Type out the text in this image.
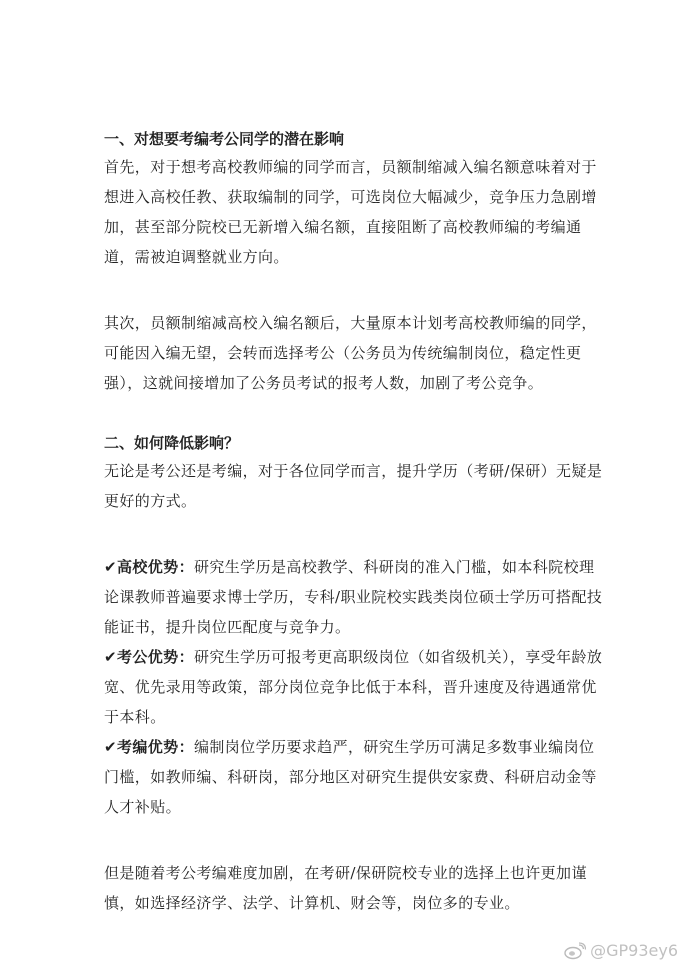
一、对想要考编考公同学的潜在影响

首先，对于想考高校教师编的同学而言，员额制缩减入编名额意味着对于想进入高校任教、获取编制的同学，可选岗位大幅减少，竞争压力急剧增加，甚至部分院校已无新增入编名额，直接阻断了高校教师编的考编通道，需被迫调整就业方向。

其次，员额制缩减高校入编名额后，大量原本计划考高校教师编的同学，可能因入编无望，会转而选择考公（公务员为传统编制岗位，稳定性更强），这就间接增加了公务员考试的报考人数，加剧了考公竞争。

二、如何降低影响？

无论是考公还是考编，对于各位同学而言，提升学历（考研/保研）无疑是更好的方式。

✔高校优势：研究生学历是高校教学、科研岗的准入门槛，如本科院校理论课教师普遍要求博士学历，专科/职业院校实践类岗位硕士学历可搭配技能证书，提升岗位匹配度与竞争力。

✔考公优势：研究生学历可报考更高职级岗位（如省级机关），享受年龄放宽、优先录用等政策，部分岗位竞争比低于本科，晋升速度及待遇通常优于本科。

✔考编优势：编制岗位学历要求趋严，研究生学历可满足多数事业编岗位门槛，如教师编、科研岗，部分地区对研究生提供安家费、科研启动金等人才补贴。

但是随着考公考编难度加剧，在考研/保研院校专业的选择上也许更加谨慎，如选择经济学、法学、计算机、财会等，岗位多的专业。

@GP93ey6
